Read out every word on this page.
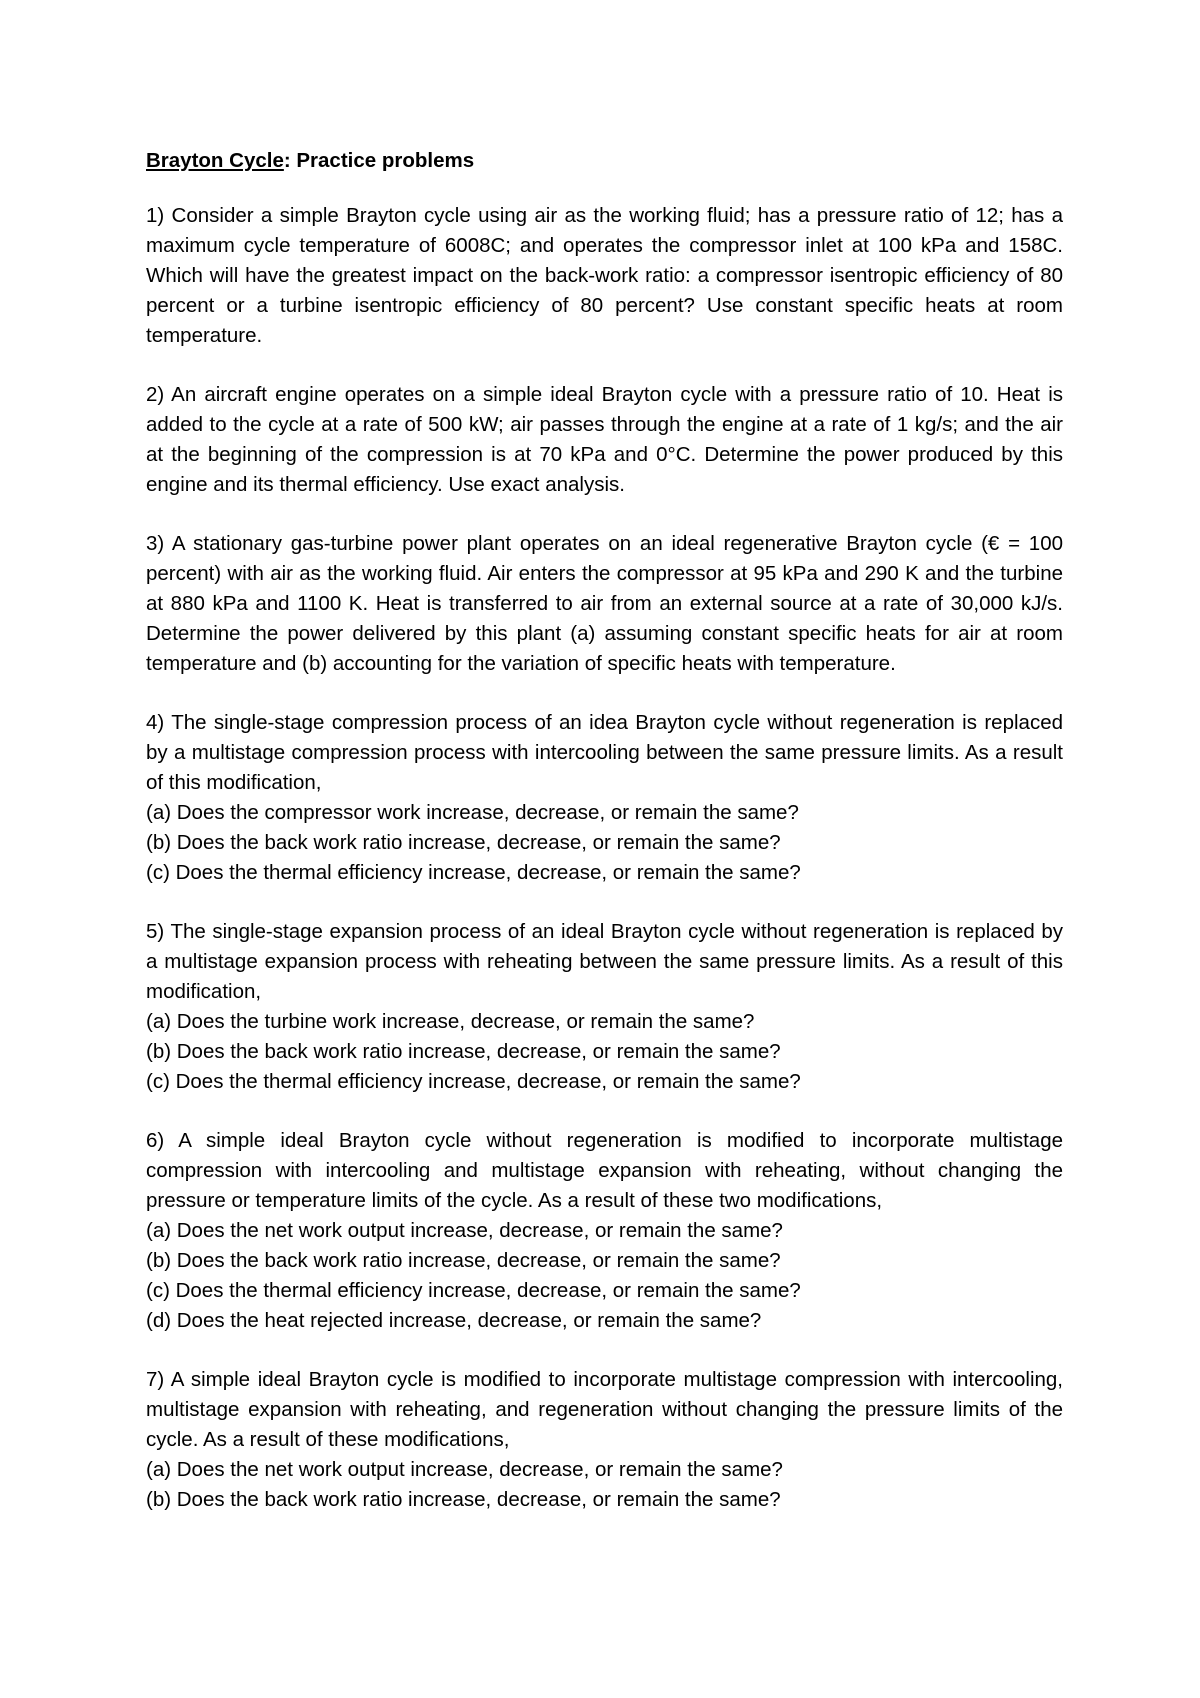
Brayton Cycle: Practice problems
1) Consider a simple Brayton cycle using air as the working fluid; has a pressure ratio of 12; has a maximum cycle temperature of 6008C; and operates the compressor inlet at 100 kPa and 158C. Which will have the greatest impact on the back-work ratio: a compressor isentropic efficiency of 80 percent or a turbine isentropic efficiency of 80 percent? Use constant specific heats at room temperature.
2) An aircraft engine operates on a simple ideal Brayton cycle with a pressure ratio of 10. Heat is added to the cycle at a rate of 500 kW; air passes through the engine at a rate of 1 kg/s; and the air at the beginning of the compression is at 70 kPa and 0°C. Determine the power produced by this engine and its thermal efficiency. Use exact analysis.
3) A stationary gas-turbine power plant operates on an ideal regenerative Brayton cycle (€ = 100 percent) with air as the working fluid. Air enters the compressor at 95 kPa and 290 K and the turbine at 880 kPa and 1100 K. Heat is transferred to air from an external source at a rate of 30,000 kJ/s. Determine the power delivered by this plant (a) assuming constant specific heats for air at room temperature and (b) accounting for the variation of specific heats with temperature.
4) The single-stage compression process of an idea Brayton cycle without regeneration is replaced by a multistage compression process with intercooling between the same pressure limits. As a result of this modification,
(a) Does the compressor work increase, decrease, or remain the same?
(b) Does the back work ratio increase, decrease, or remain the same?
(c) Does the thermal efficiency increase, decrease, or remain the same?
5) The single-stage expansion process of an ideal Brayton cycle without regeneration is replaced by a multistage expansion process with reheating between the same pressure limits. As a result of this modification,
(a) Does the turbine work increase, decrease, or remain the same?
(b) Does the back work ratio increase, decrease, or remain the same?
(c) Does the thermal efficiency increase, decrease, or remain the same?
6) A simple ideal Brayton cycle without regeneration is modified to incorporate multistage compression with intercooling and multistage expansion with reheating, without changing the pressure or temperature limits of the cycle. As a result of these two modifications,
(a) Does the net work output increase, decrease, or remain the same?
(b) Does the back work ratio increase, decrease, or remain the same?
(c) Does the thermal efficiency increase, decrease, or remain the same?
(d) Does the heat rejected increase, decrease, or remain the same?
7) A simple ideal Brayton cycle is modified to incorporate multistage compression with intercooling, multistage expansion with reheating, and regeneration without changing the pressure limits of the cycle. As a result of these modifications,
(a) Does the net work output increase, decrease, or remain the same?
(b) Does the back work ratio increase, decrease, or remain the same?
